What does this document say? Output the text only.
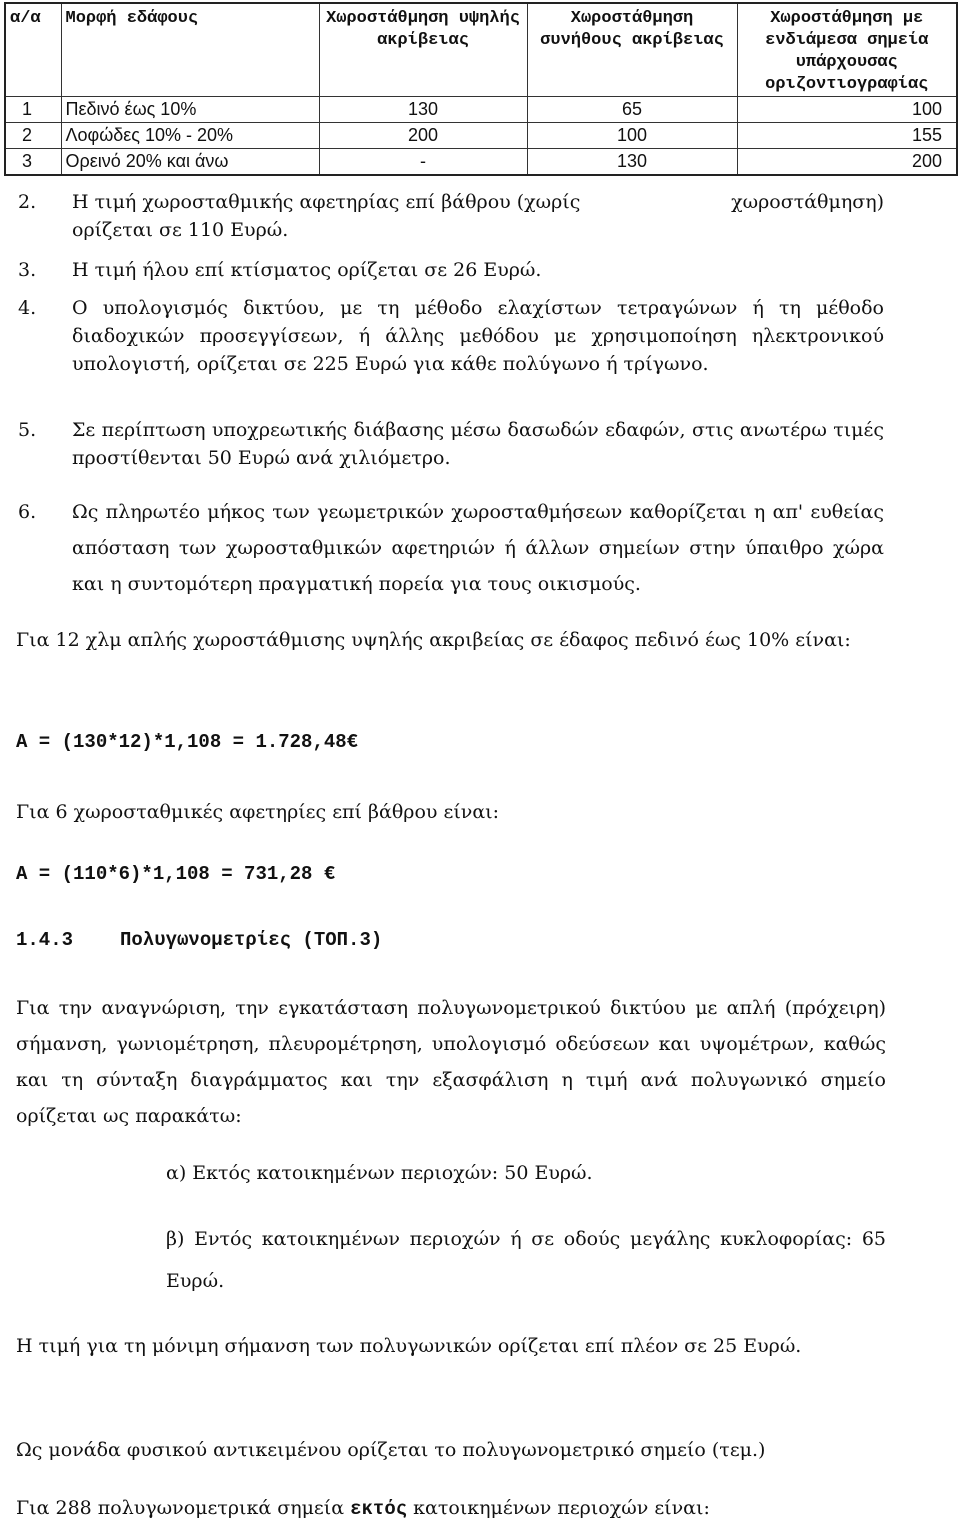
α/α	Μορφή εδάφους	Χωροστάθμηση υψηλής ακρίβειας	Χωροστάθμηση συνήθους ακρίβειας	Χωροστάθμηση με ενδιάμεσα σημεία υπάρχουσας οριζοντιογραφίας
1	Πεδινό έως 10%	130	65	100
2	Λοφώδες 10% - 20%	200	100	155
3	Ορεινό 20% και άνω	-	130	200
2. Η τιμή χωροσταθμικής αφετηρίας επί βάθρου (χωρίς	χωροστάθμηση)

ορίζεται σε 110 Ευρώ.
3. Η τιμή ήλου επί κτίσματος ορίζεται σε 26 Ευρώ.
4. Ο υπολογισμός δικτύου, με τη μέθοδο ελαχίστων τετραγώνων ή τη μέθοδο διαδοχικών προσεγγίσεων, ή άλλης μεθόδου με χρησιμοποίηση ηλεκτρονικού υπολογιστή, ορίζεται σε 225 Ευρώ για κάθε πολύγωνο ή τρίγωνο.
5. Σε περίπτωση υποχρεωτικής διάβασης μέσω δασωδών εδαφών, στις ανωτέρω τιμές προστίθενται 50 Ευρώ ανά χιλιόμετρο.
6. Ως πληρωτέο μήκος των γεωμετρικών χωροσταθμήσεων καθορίζεται η απ' ευθείας απόσταση των χωροσταθμικών αφετηριών ή άλλων σημείων στην ύπαιθρο χώρα και η συντομότερη πραγματική πορεία για τους οικισμούς.
Για 12 χλμ απλής χωροστάθμισης υψηλής ακριβείας σε έδαφος πεδινό έως 10% είναι:
Α = (130*12)*1,108 = 1.728,48€
Για 6 χωροσταθμικές αφετηρίες επί βάθρου είναι:
Α = (110*6)*1,108 = 731,28 €
1.4.3 Πολυγωνομετρίες (ΤΟΠ.3)
Για την αναγνώριση, την εγκατάσταση πολυγωνομετρικού δικτύου με απλή (πρόχειρη) σήμανση, γωνιομέτρηση, πλευρομέτρηση, υπολογισμό οδεύσεων και υψομέτρων, καθώς και τη σύνταξη διαγράμματος και την εξασφάλιση η τιμή ανά πολυγωνικό σημείο ορίζεται ως παρακάτω:
α) Εκτός κατοικημένων περιοχών: 50 Ευρώ.
β) Εντός κατοικημένων περιοχών ή σε οδούς μεγάλης κυκλοφορίας: 65 Ευρώ.
Η τιμή για τη μόνιμη σήμανση των πολυγωνικών ορίζεται επί πλέον σε 25 Ευρώ.
Ως μονάδα φυσικού αντικειμένου ορίζεται το πολυγωνομετρικό σημείο (τεμ.)
Για 288 πολυγωνομετρικά σημεία εκτός κατοικημένων περιοχών είναι:
